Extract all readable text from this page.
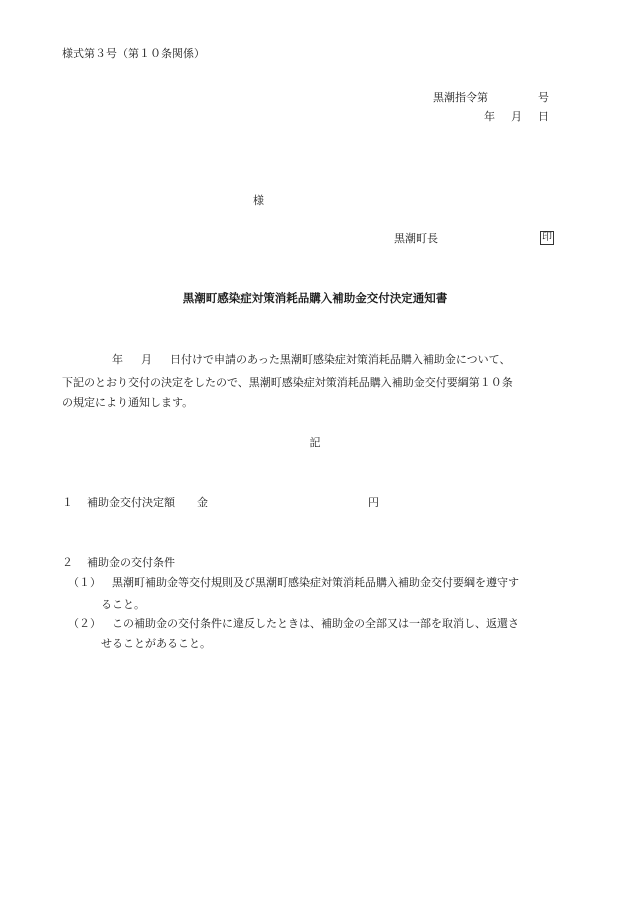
様式第３号（第１０条関係）
黒潮指令第	号
年 月 日
様
黒潮町長	印
黒潮町感染症対策消耗品購入補助金交付決定通知書
年 月 日付けで申請のあった黒潮町感染症対策消耗品購入補助金について、
下記のとおり交付の決定をしたので、黒潮町感染症対策消耗品購入補助金交付要綱第１０条
の規定により通知します。
記
１ 補助金交付決定額 金	円
２ 補助金の交付条件
（１） 黒潮町補助金等交付規則及び黒潮町感染症対策消耗品購入補助金交付要綱を遵守す
ること。
（２） この補助金の交付条件に違反したときは、補助金の全部又は一部を取消し、返還さ
せることがあること。
